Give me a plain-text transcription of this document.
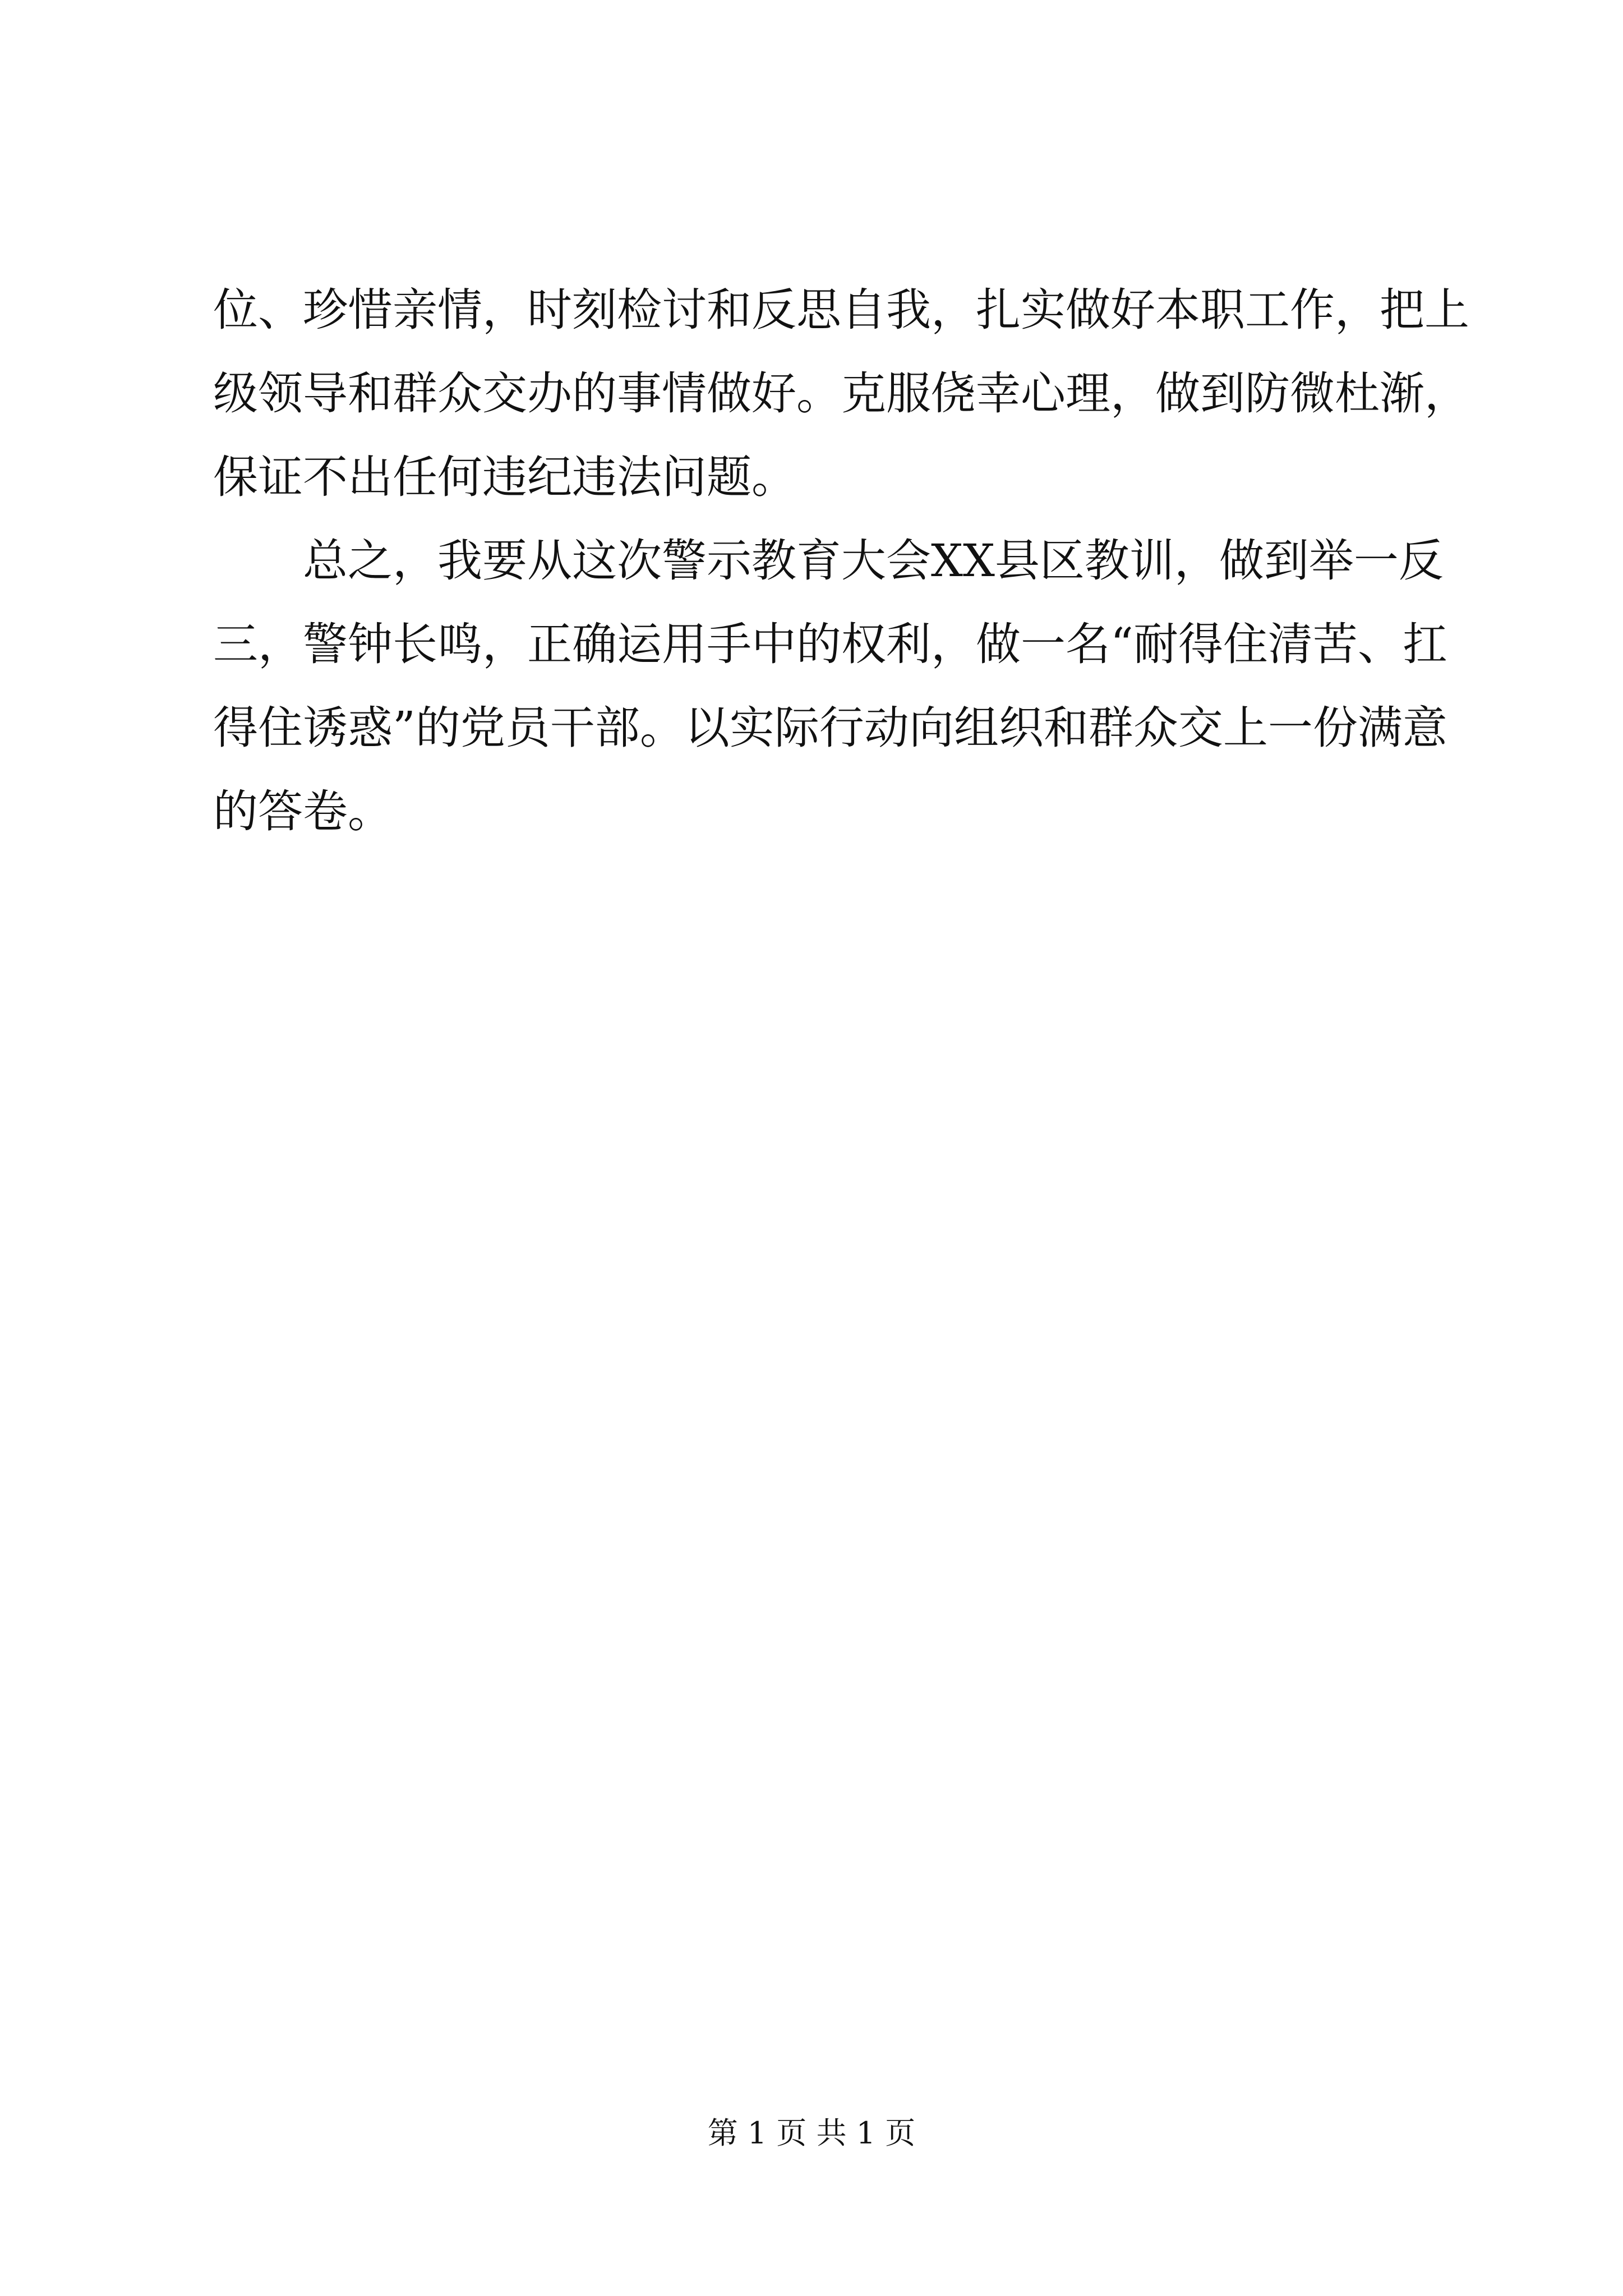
位、珍惜亲情，时刻检讨和反思自我，扎实做好本职工作，把上
级领导和群众交办的事情做好。克服侥幸心理，做到防微杜渐，
保证不出任何违纪违法问题。
　　总之，我要从这次警示教育大会XX县区教训，做到举一反
三，警钟长鸣，正确运用手中的权利，做一名“耐得住清苦、扛
得住诱惑”的党员干部。以实际行动向组织和群众交上一份满意
的答卷。
第 1 页 共 1 页
